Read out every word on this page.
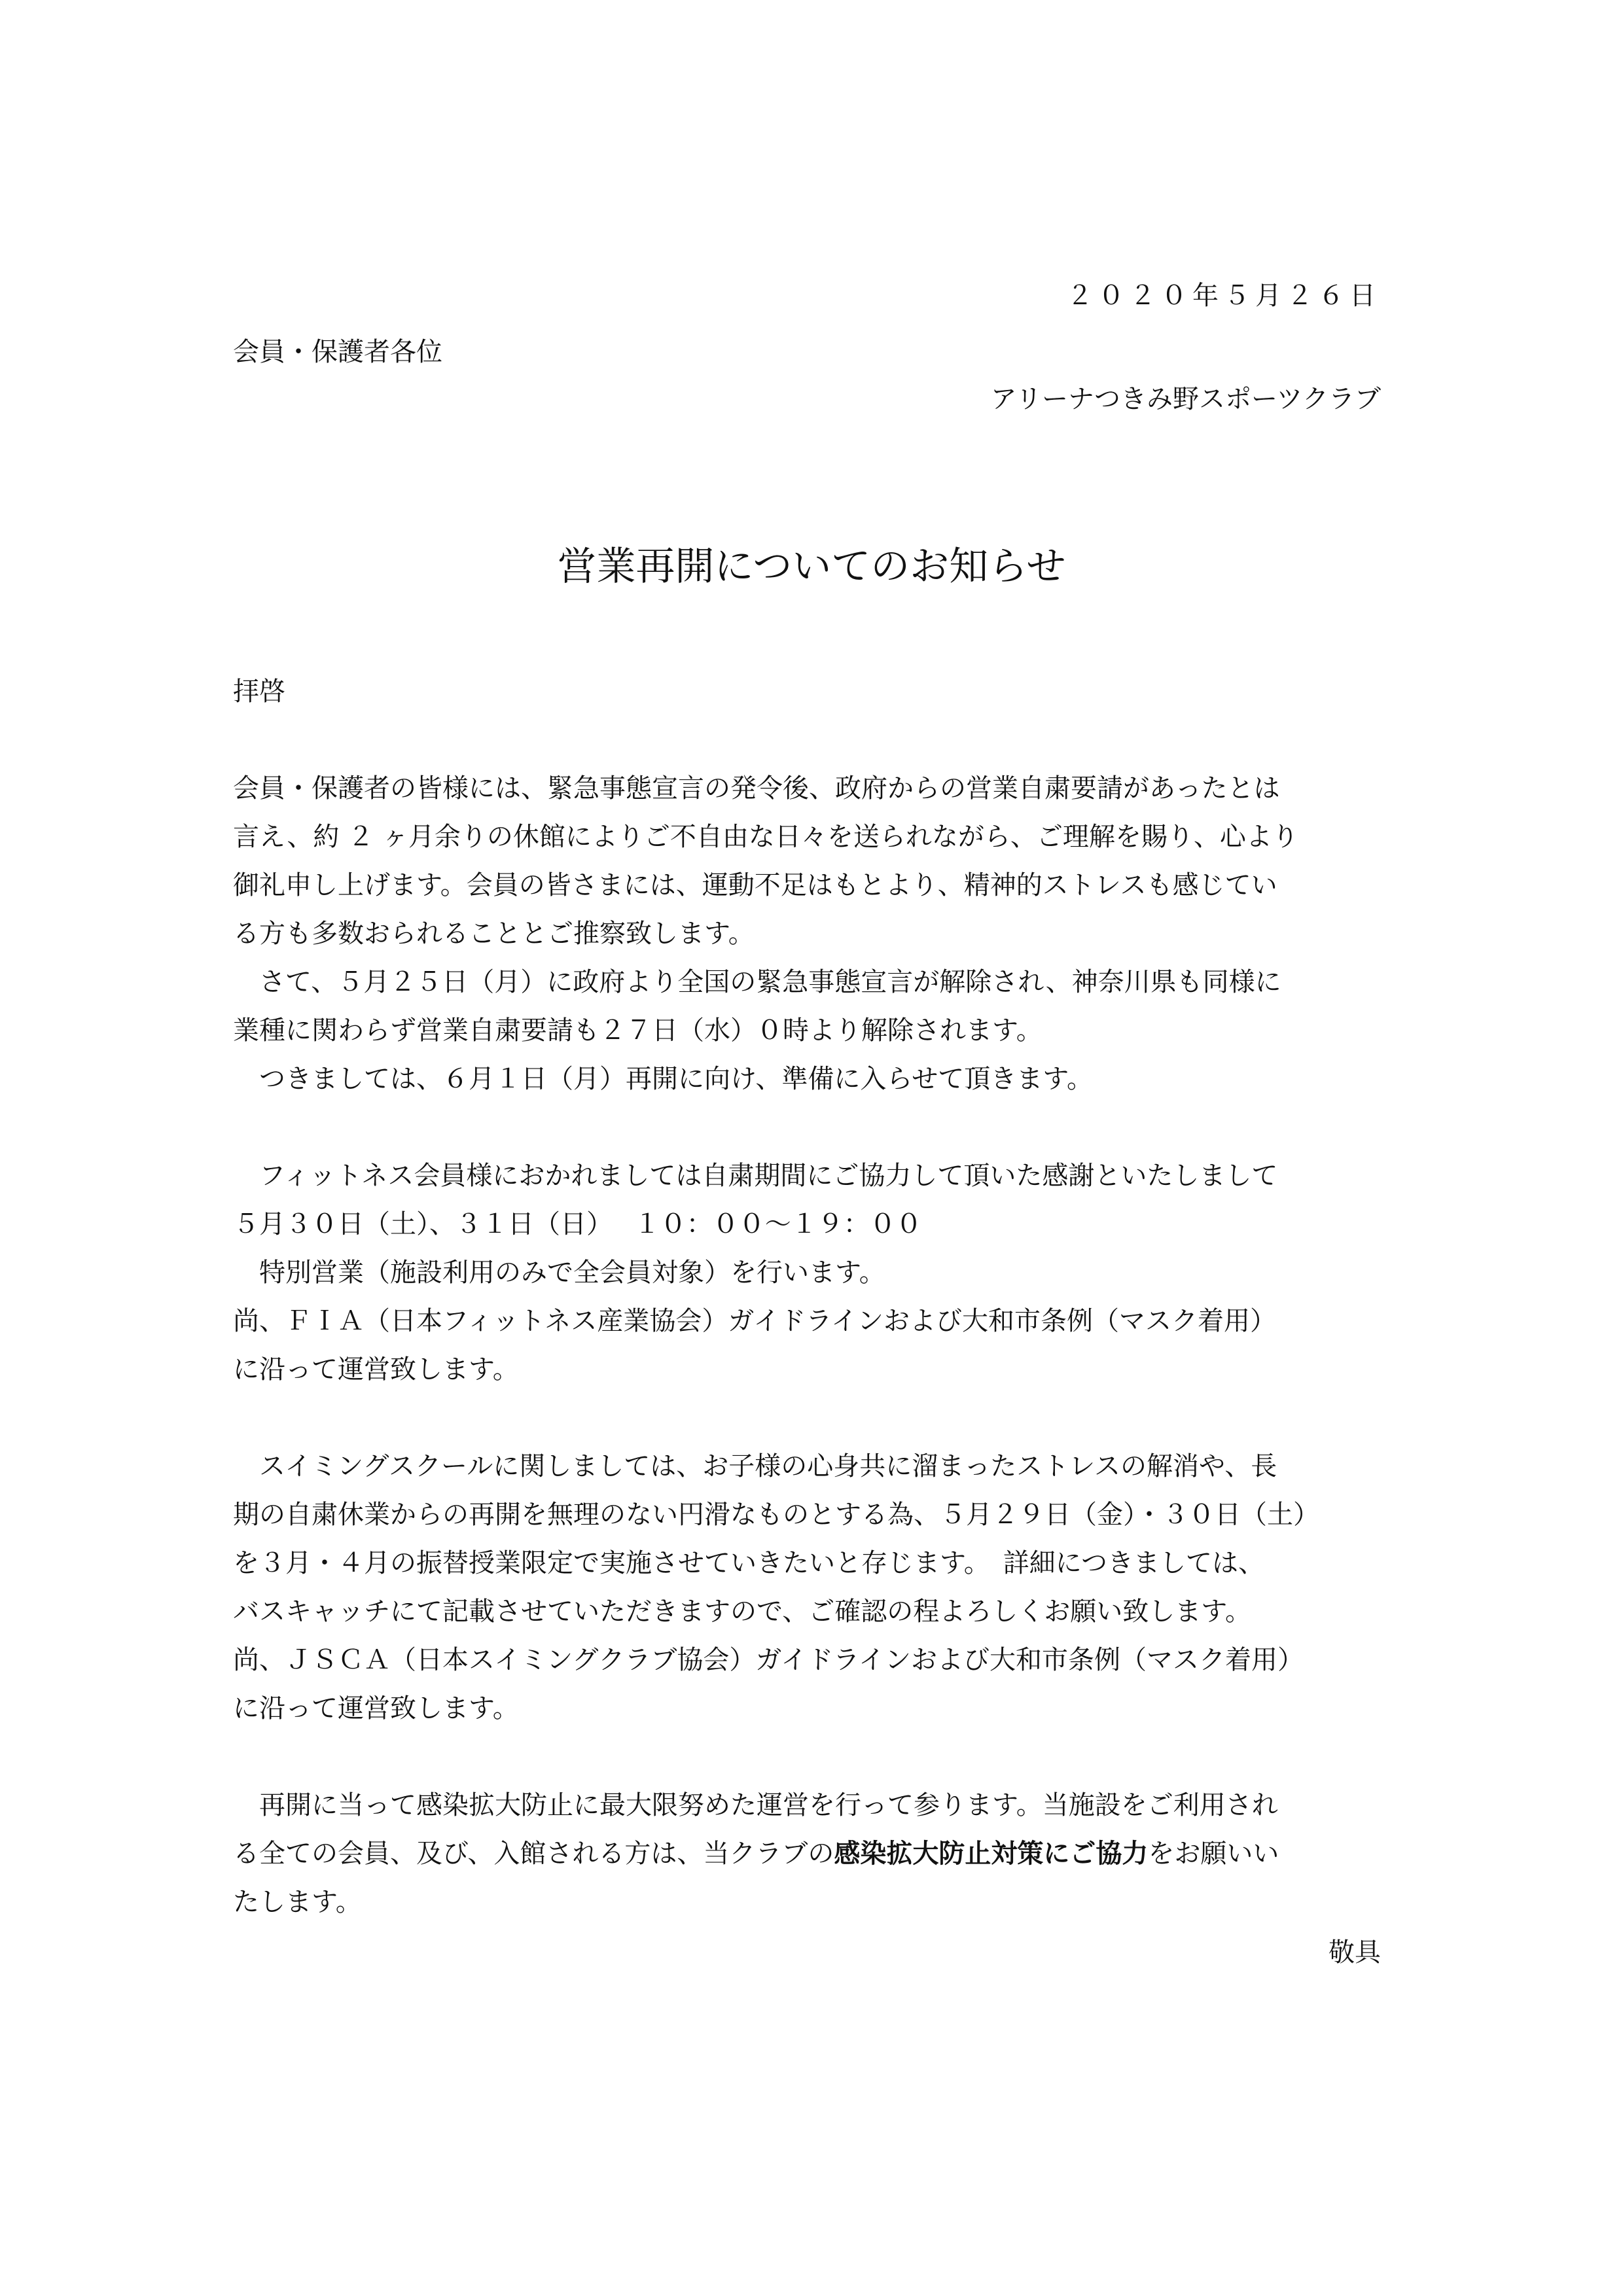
２０２０年５月２６日
会員・保護者各位
アリーナつきみ野スポーツクラブ
営業再開についてのお知らせ
拝啓
会員・保護者の皆様には、緊急事態宣言の発令後、政府からの営業自粛要請があったとは
言え、約 ２ ヶ月余りの休館によりご不自由な日々を送られながら、ご理解を賜り、心より
御礼申し上げます。会員の皆さまには、運動不足はもとより、精神的ストレスも感じてい
る方も多数おられることとご推察致します。
　さて、５月２５日（月）に政府より全国の緊急事態宣言が解除され、神奈川県も同様に
業種に関わらず営業自粛要請も２７日（水）０時より解除されます。
　つきましては、６月１日（月）再開に向け、準備に入らせて頂きます。
　フィットネス会員様におかれましては自粛期間にご協力して頂いた感謝といたしまして
５月３０日（土）、３１日（日）　 １０：００～１９：００
　特別営業（施設利用のみで全会員対象）を行います。
尚、ＦＩＡ（日本フィットネス産業協会）ガイドラインおよび大和市条例（マスク着用）
に沿って運営致します。
　スイミングスクールに関しましては、お子様の心身共に溜まったストレスの解消や、長
期の自粛休業からの再開を無理のない円滑なものとする為、５月２９日（金）・３０日（土）
を３月・４月の振替授業限定で実施させていきたいと存じます。　詳細につきましては、
バスキャッチにて記載させていただきますので、ご確認の程よろしくお願い致します。
尚、ＪＳＣＡ（日本スイミングクラブ協会）ガイドラインおよび大和市条例（マスク着用）
に沿って運営致します。
　再開に当って感染拡大防止に最大限努めた運営を行って参ります。当施設をご利用され
る全ての会員、及び、入館される方は、当クラブの感染拡大防止対策にご協力をお願いい
たします。
敬具
